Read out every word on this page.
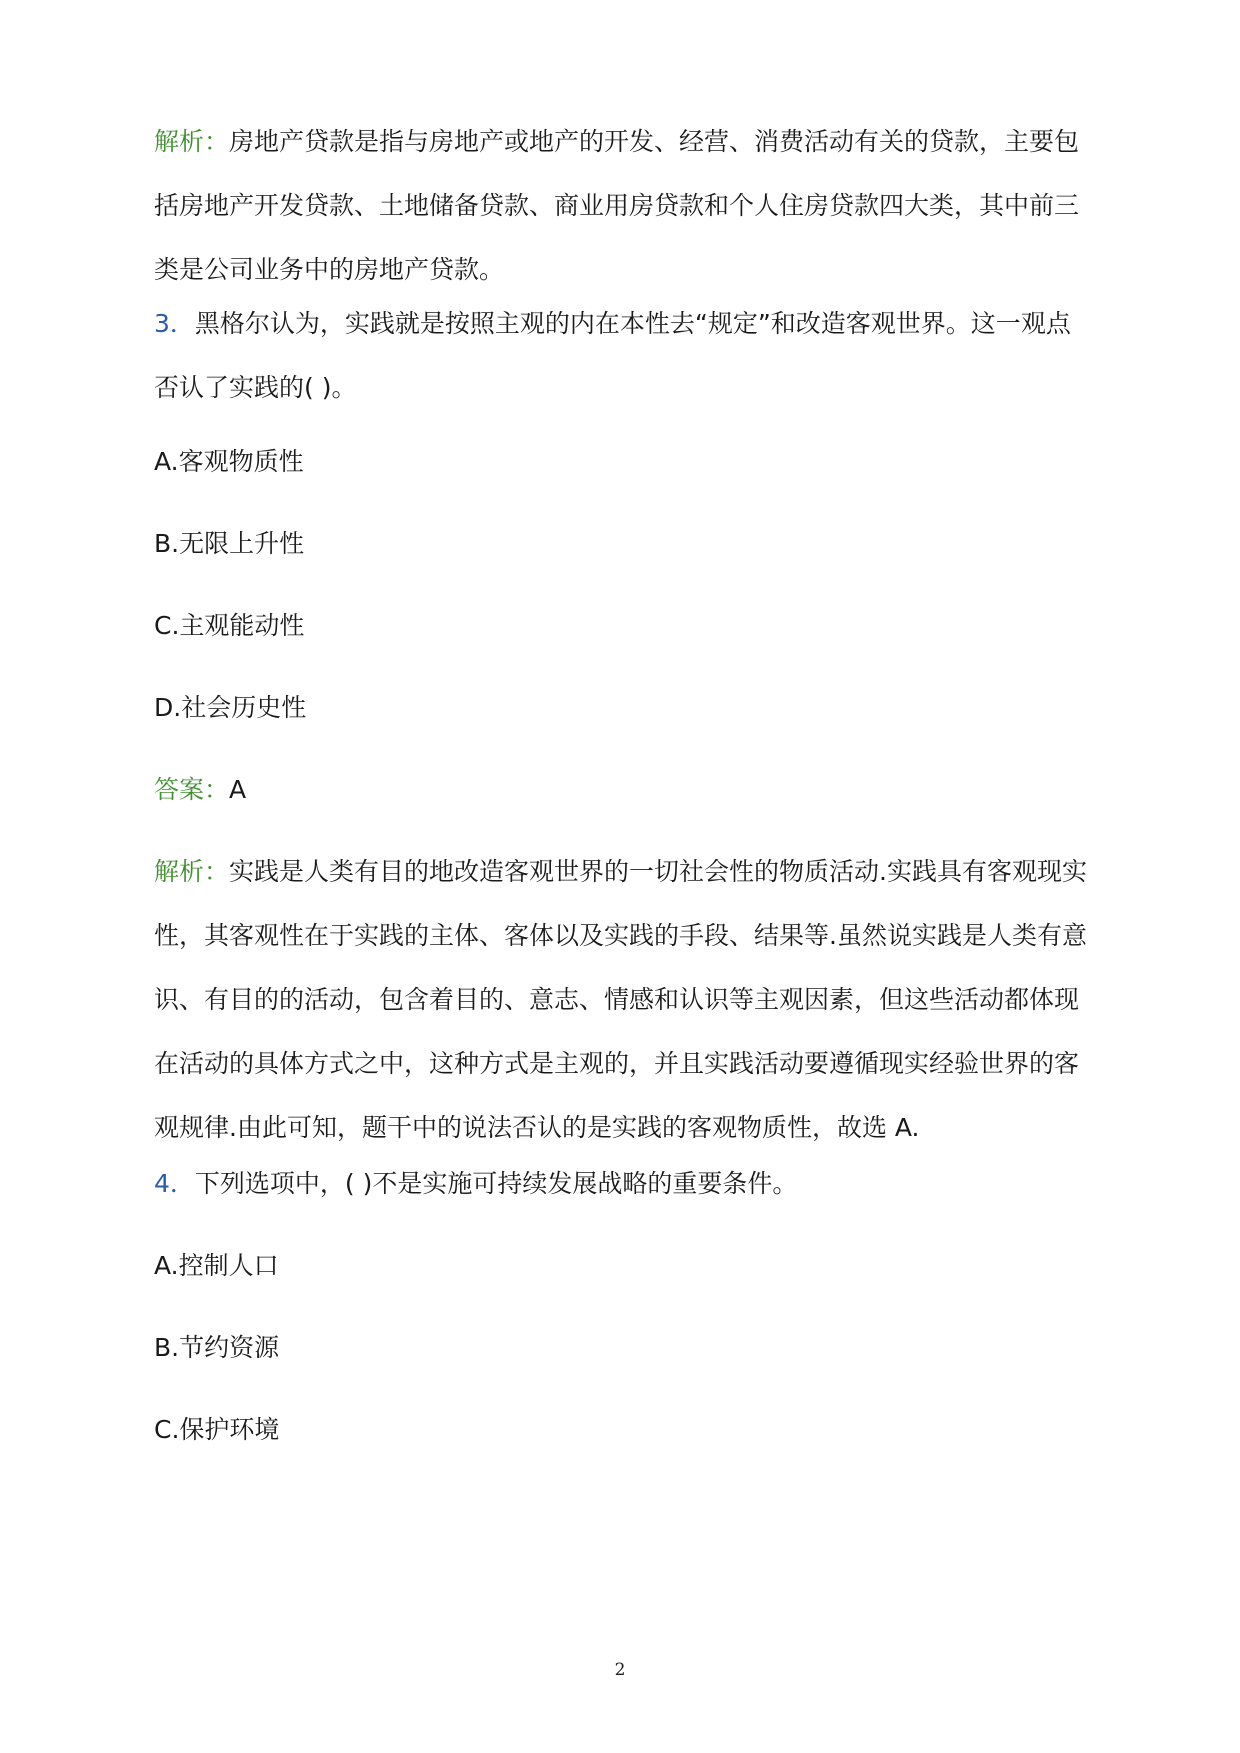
解析：房地产贷款是指与房地产或地产的开发、经营、消费活动有关的贷款，主要包括房地产开发贷款、土地储备贷款、商业用房贷款和个人住房贷款四大类，其中前三类是公司业务中的房地产贷款。
3．黑格尔认为，实践就是按照主观的内在本性去“规定”和改造客观世界。这一观点否认了实践的( )。
A.客观物质性
B.无限上升性
C.主观能动性
D.社会历史性
答案：A
解析：实践是人类有目的地改造客观世界的一切社会性的物质活动.实践具有客观现实性，其客观性在于实践的主体、客体以及实践的手段、结果等.虽然说实践是人类有意识、有目的的活动，包含着目的、意志、情感和认识等主观因素，但这些活动都体现在活动的具体方式之中，这种方式是主观的，并且实践活动要遵循现实经验世界的客观规律.由此可知，题干中的说法否认的是实践的客观物质性，故选 A.
4．下列选项中，( )不是实施可持续发展战略的重要条件。
A.控制人口
B.节约资源
C.保护环境
2
